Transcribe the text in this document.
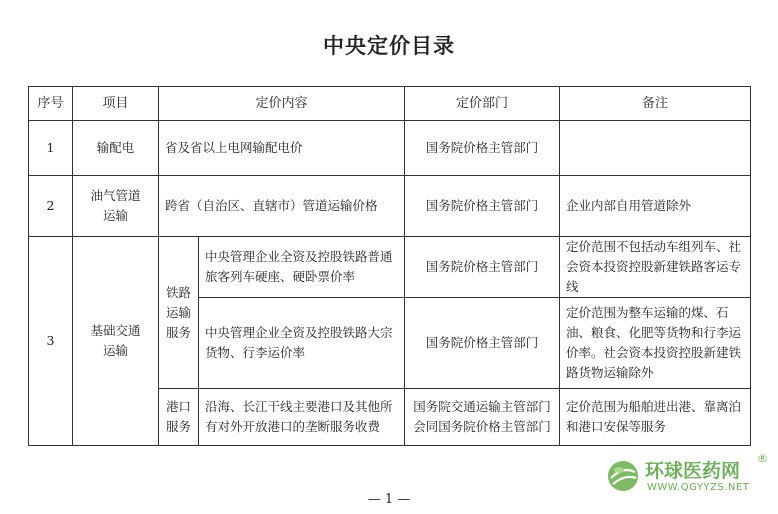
中央定价目录
序号	项目	定价内容		定价部门	备注
1	输配电	省及省以上电网输配电价		国务院价格主管部门	
2	油气管道运输	跨省（自治区、直辖市）管道运输价格		国务院价格主管部门	企业内部自用管道除外
3	基础交通运输	铁路运输服务	中央管理企业全资及控股铁路普通旅客列车硬座、硬卧票价率	国务院价格主管部门	定价范围不包括动车组列车、社会资本投资控股新建铁路客运专线
			中央管理企业全资及控股铁路大宗货物、行李运价率	国务院价格主管部门	定价范围为整车运输的煤、石油、粮食、化肥等货物和行李运价率。社会资本投资控股新建铁路货物运输除外
		港口服务	沿海、长江干线主要港口及其他所有对外开放港口的垄断服务收费	国务院交通运输主管部门会同国务院价格主管部门	定价范围为船舶进出港、靠离泊和港口安保等服务
— 1 —
环球医药网
®
WWW.QGYYZS.NET
